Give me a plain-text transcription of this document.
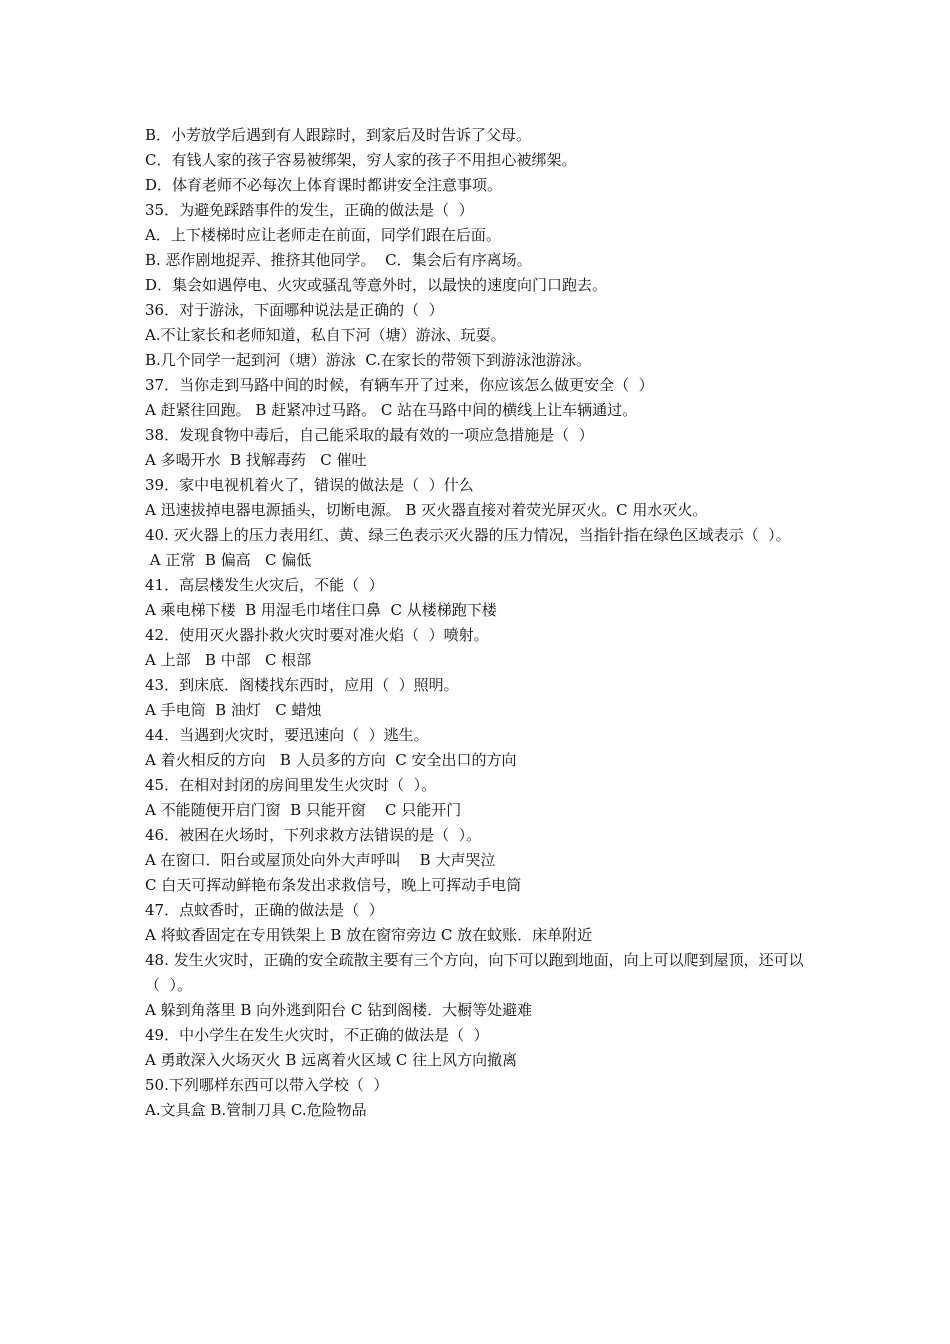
B．小芳放学后遇到有人跟踪时，到家后及时告诉了父母。
C．有钱人家的孩子容易被绑架，穷人家的孩子不用担心被绑架。
D．体育老师不必每次上体育课时都讲安全注意事项。
35．为避免踩踏事件的发生，正确的做法是（  ）
A．上下楼梯时应让老师走在前面，同学们跟在后面。
B. 恶作剧地捉弄、推挤其他同学。  C．集会后有序离场。
D．集会如遇停电、火灾或骚乱等意外时，以最快的速度向门口跑去。
36．对于游泳，下面哪种说法是正确的（  ）
A.不让家长和老师知道，私自下河（塘）游泳、玩耍。
B.几个同学一起到河（塘）游泳  C.在家长的带领下到游泳池游泳。
37．当你走到马路中间的时候，有辆车开了过来，你应该怎么做更安全（  ）
A 赶紧往回跑。 B 赶紧冲过马路。 C 站在马路中间的横线上让车辆通过。
38．发现食物中毒后，自己能采取的最有效的一项应急措施是（  ）
A 多喝开水  B 找解毒药   C 催吐
39．家中电视机着火了，错误的做法是（  ）什么
A 迅速拔掉电器电源插头，切断电源。 B 灭火器直接对着荧光屏灭火。C 用水灭火。
40. 灭火器上的压力表用红、黄、绿三色表示灭火器的压力情况，当指针指在绿色区域表示（  ）。
A 正常  B 偏高   C 偏低
41．高层楼发生火灾后，不能（  ）
A 乘电梯下楼  B 用湿毛巾堵住口鼻  C 从楼梯跑下楼
42．使用灭火器扑救火灾时要对准火焰（  ）喷射。
A 上部   B 中部   C 根部
43．到床底．阁楼找东西时，应用（  ）照明。
A 手电筒  B 油灯   C 蜡烛
44．当遇到火灾时，要迅速向（  ）逃生。
A 着火相反的方向   B 人员多的方向  C 安全出口的方向
45．在相对封闭的房间里发生火灾时（  ）。
A 不能随便开启门窗  B 只能开窗    C 只能开门
46．被困在火场时，下列求救方法错误的是（  ）。
A 在窗口．阳台或屋顶处向外大声呼叫    B 大声哭泣
C 白天可挥动鲜艳布条发出求救信号，晚上可挥动手电筒
47．点蚊香时，正确的做法是（  ）
A 将蚊香固定在专用铁架上 B 放在窗帘旁边 C 放在蚊账．床单附近
48. 发生火灾时，正确的安全疏散主要有三个方向，向下可以跑到地面，向上可以爬到屋顶，还可以（  ）。
A 躲到角落里 B 向外逃到阳台 C 钻到阁楼．大橱等处避难
49．中小学生在发生火灾时，不正确的做法是（  ）
A 勇敢深入火场灭火 B 远离着火区域 C 往上风方向撤离
50.下列哪样东西可以带入学校（  ）
A.文具盒 B.管制刀具 C.危险物品
